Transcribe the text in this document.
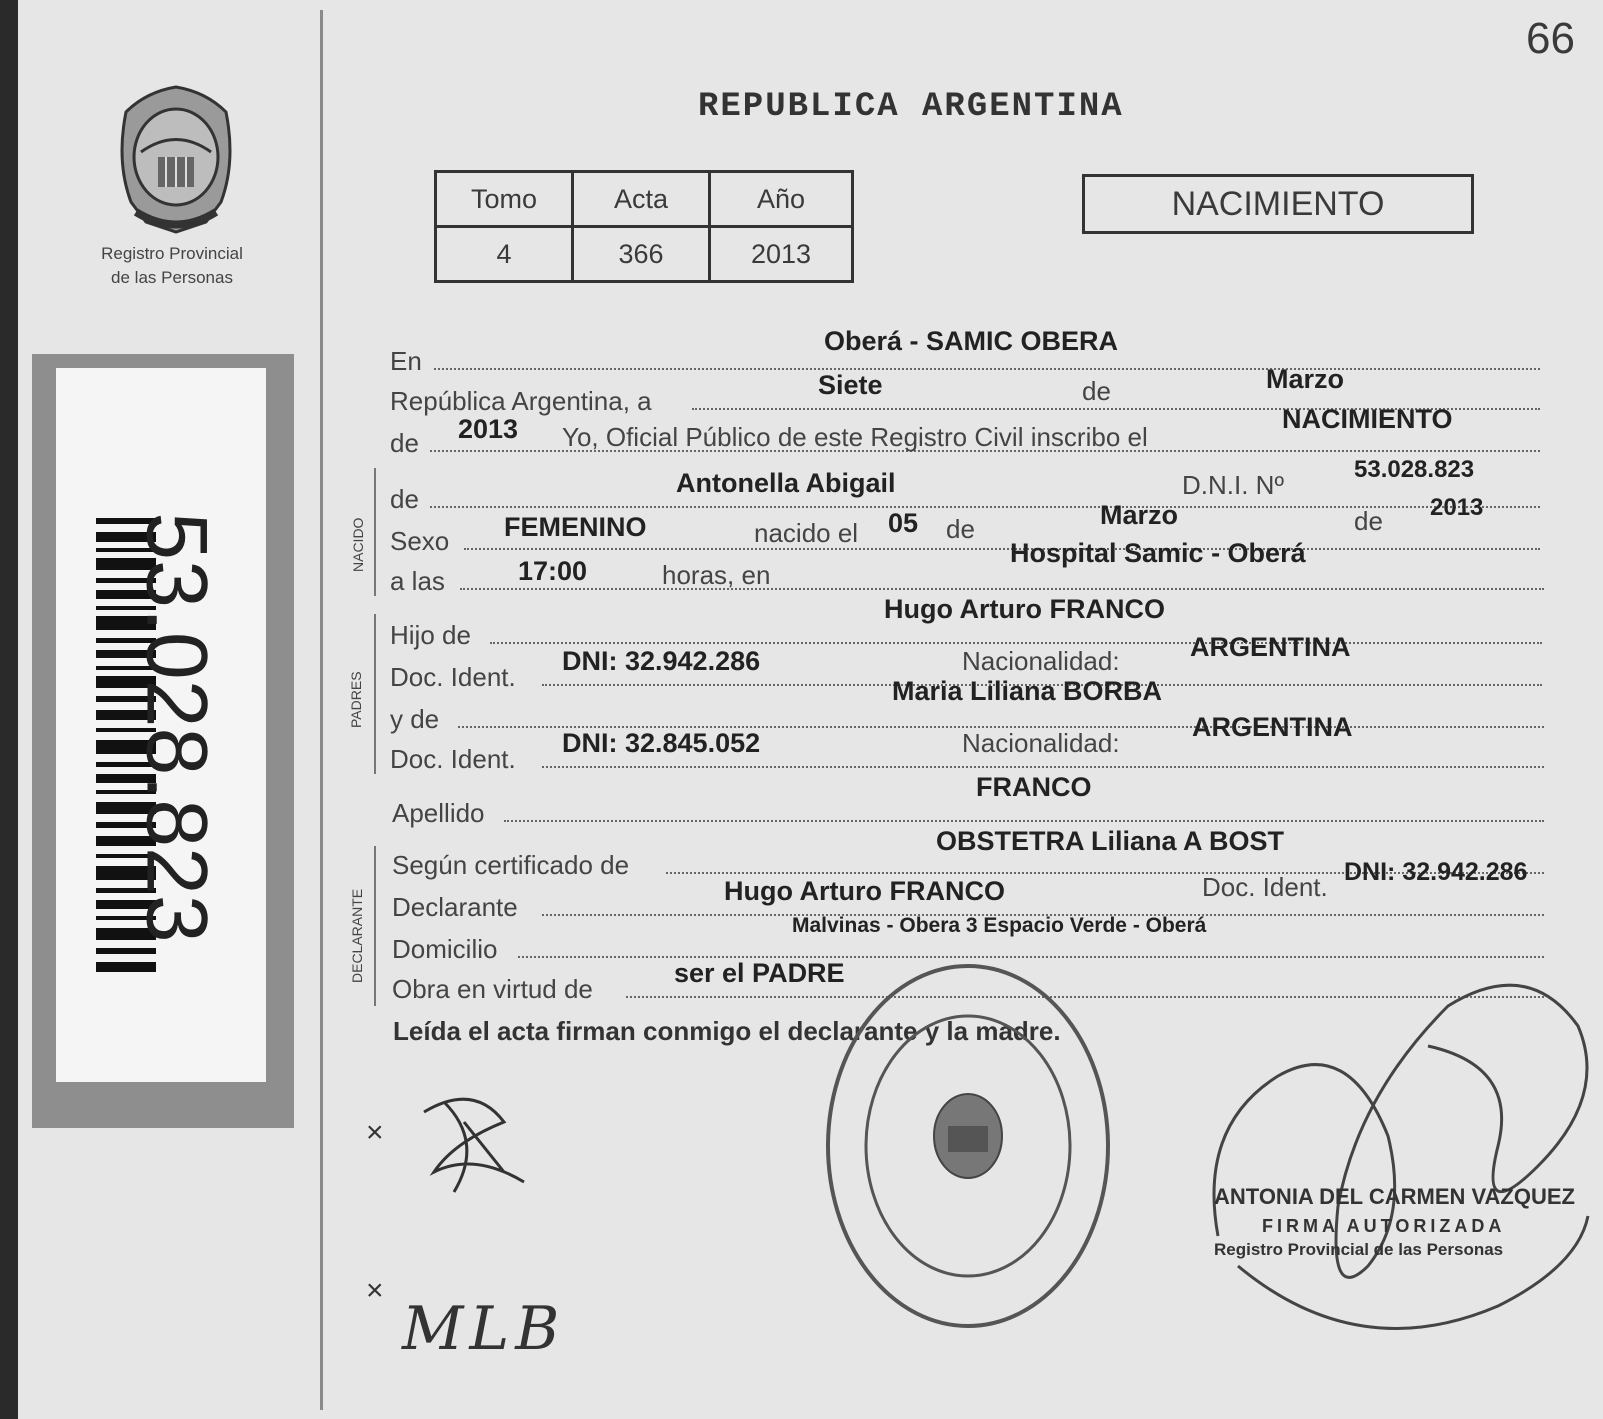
Registro Provincial
de las Personas
53.028.823
66
REPUBLICA ARGENTINA
Tomo	Acta	Año
4	366	2013
NACIMIENTO
En
Oberá - SAMIC OBERA
República Argentina, a
Siete	de	Marzo
de 2013 Yo, Oficial Público de este Registro Civil inscribo el
NACIMIENTO
NACIDO
de
Antonella Abigail	D.N.I. Nº
53.028.823
Sexo FEMENINO	nacido el 05 de	Marzo	de 2013
a las	17:00	horas, en
Hospital Samic - Oberá
PADRES
Hijo de
Hugo Arturo FRANCO
Doc. Ident.
DNI: 32.942.286	Nacionalidad:	ARGENTINA
y de
Maria Liliana BORBA
Doc. Ident.
DNI: 32.845.052	Nacionalidad:
ARGENTINA
Apellido
FRANCO
DECLARANTE
Según certificado de
OBSTETRA Liliana A BOST
Declarante
Hugo Arturo FRANCO	Doc. Ident. DNI: 32.942.286
Domicilio
Malvinas - Obera 3 Espacio Verde - Oberá
Obra en virtud de
ser el PADRE
Leída el acta firman conmigo el declarante y la madre.
ANTONIA DEL CARMEN VAZQUEZ
FIRMA AUTORIZADA
Registro Provincial de las Personas
×
×
MLB
